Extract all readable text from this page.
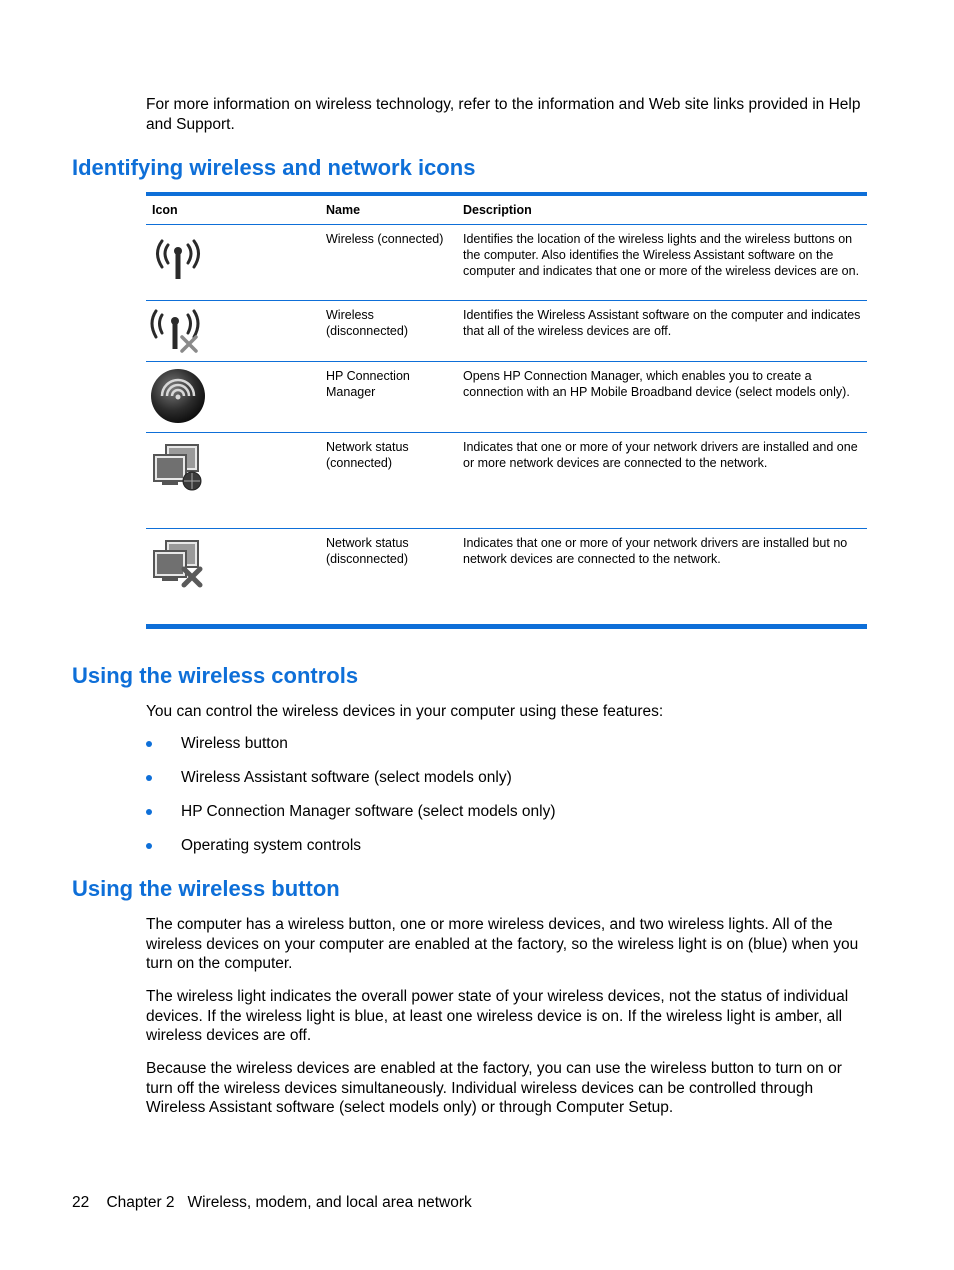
For more information on wireless technology, refer to the information and Web site links provided in Help and Support.

Identifying wireless and network icons
Icon	Name	Description
	Wireless (connected)	Identifies the location of the wireless lights and the wireless buttons on the computer. Also identifies the Wireless Assistant software on the computer and indicates that one or more of the wireless devices are on.
	Wireless (disconnected)	Identifies the Wireless Assistant software on the computer and indicates that all of the wireless devices are off.
	HP Connection Manager	Opens HP Connection Manager, which enables you to create a connection with an HP Mobile Broadband device (select models only).
	Network status (connected)	Indicates that one or more of your network drivers are installed and one or more network devices are connected to the network.
	Network status (disconnected)	Indicates that one or more of your network drivers are installed but no network devices are connected to the network.
Using the wireless controls

You can control the wireless devices in your computer using these features:

Wireless button
Wireless Assistant software (select models only)
HP Connection Manager software (select models only)
Operating system controls
Using the wireless button

The computer has a wireless button, one or more wireless devices, and two wireless lights. All of the wireless devices on your computer are enabled at the factory, so the wireless light is on (blue) when you turn on the computer.

The wireless light indicates the overall power state of your wireless devices, not the status of individual devices. If the wireless light is blue, at least one wireless device is on. If the wireless light is amber, all wireless devices are off.

Because the wireless devices are enabled at the factory, you can use the wireless button to turn on or turn off the wireless devices simultaneously. Individual wireless devices can be controlled through Wireless Assistant software (select models only) or through Computer Setup.

22 Chapter 2 Wireless, modem, and local area network
